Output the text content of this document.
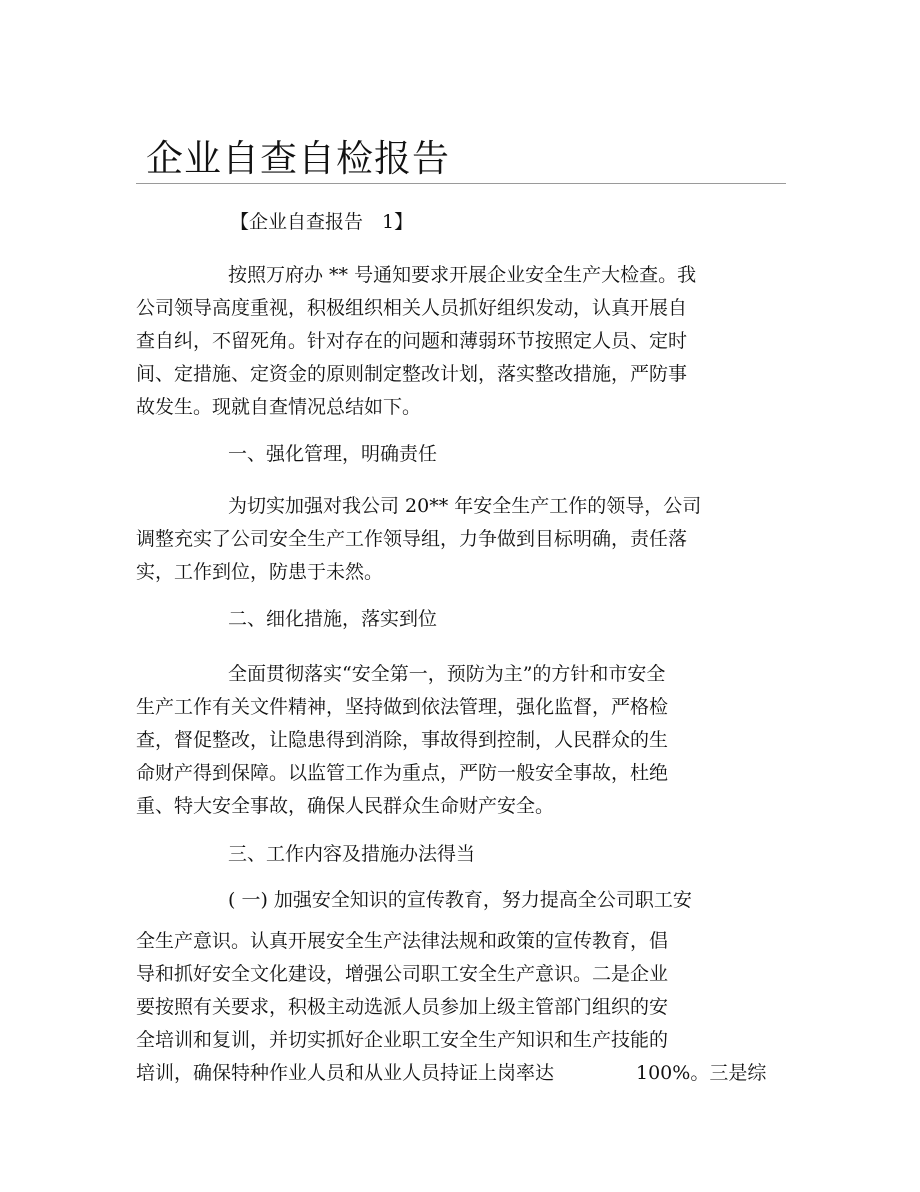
企业自查自检报告
【企业自查报告　1】
按照万府办 ** 号通知要求开展企业安全生产大检查。我
公司领导高度重视，积极组织相关人员抓好组织发动，认真开展自
查自纠，不留死角。针对存在的问题和薄弱环节按照定人员、定时
间、定措施、定资金的原则制定整改计划，落实整改措施，严防事
故发生。现就自查情况总结如下。
一、强化管理，明确责任
为切实加强对我公司 20** 年安全生产工作的领导，公司
调整充实了公司安全生产工作领导组，力争做到目标明确，责任落
实，工作到位，防患于未然。
二、细化措施，落实到位
全面贯彻落实“安全第一，预防为主”的方针和市安全
生产工作有关文件精神，坚持做到依法管理，强化监督，严格检
查，督促整改，让隐患得到消除，事故得到控制，人民群众的生
命财产得到保障。以监管工作为重点，严防一般安全事故，杜绝
重、特大安全事故，确保人民群众生命财产安全。
三、工作内容及措施办法得当
( 一) 加强安全知识的宣传教育，努力提高全公司职工安
全生产意识。认真开展安全生产法律法规和政策的宣传教育，倡
导和抓好安全文化建设，增强公司职工安全生产意识。二是企业
要按照有关要求，积极主动选派人员参加上级主管部门组织的安
全培训和复训，并切实抓好企业职工安全生产知识和生产技能的
培训，确保特种作业人员和从业人员持证上岗率达	100%。三是综
